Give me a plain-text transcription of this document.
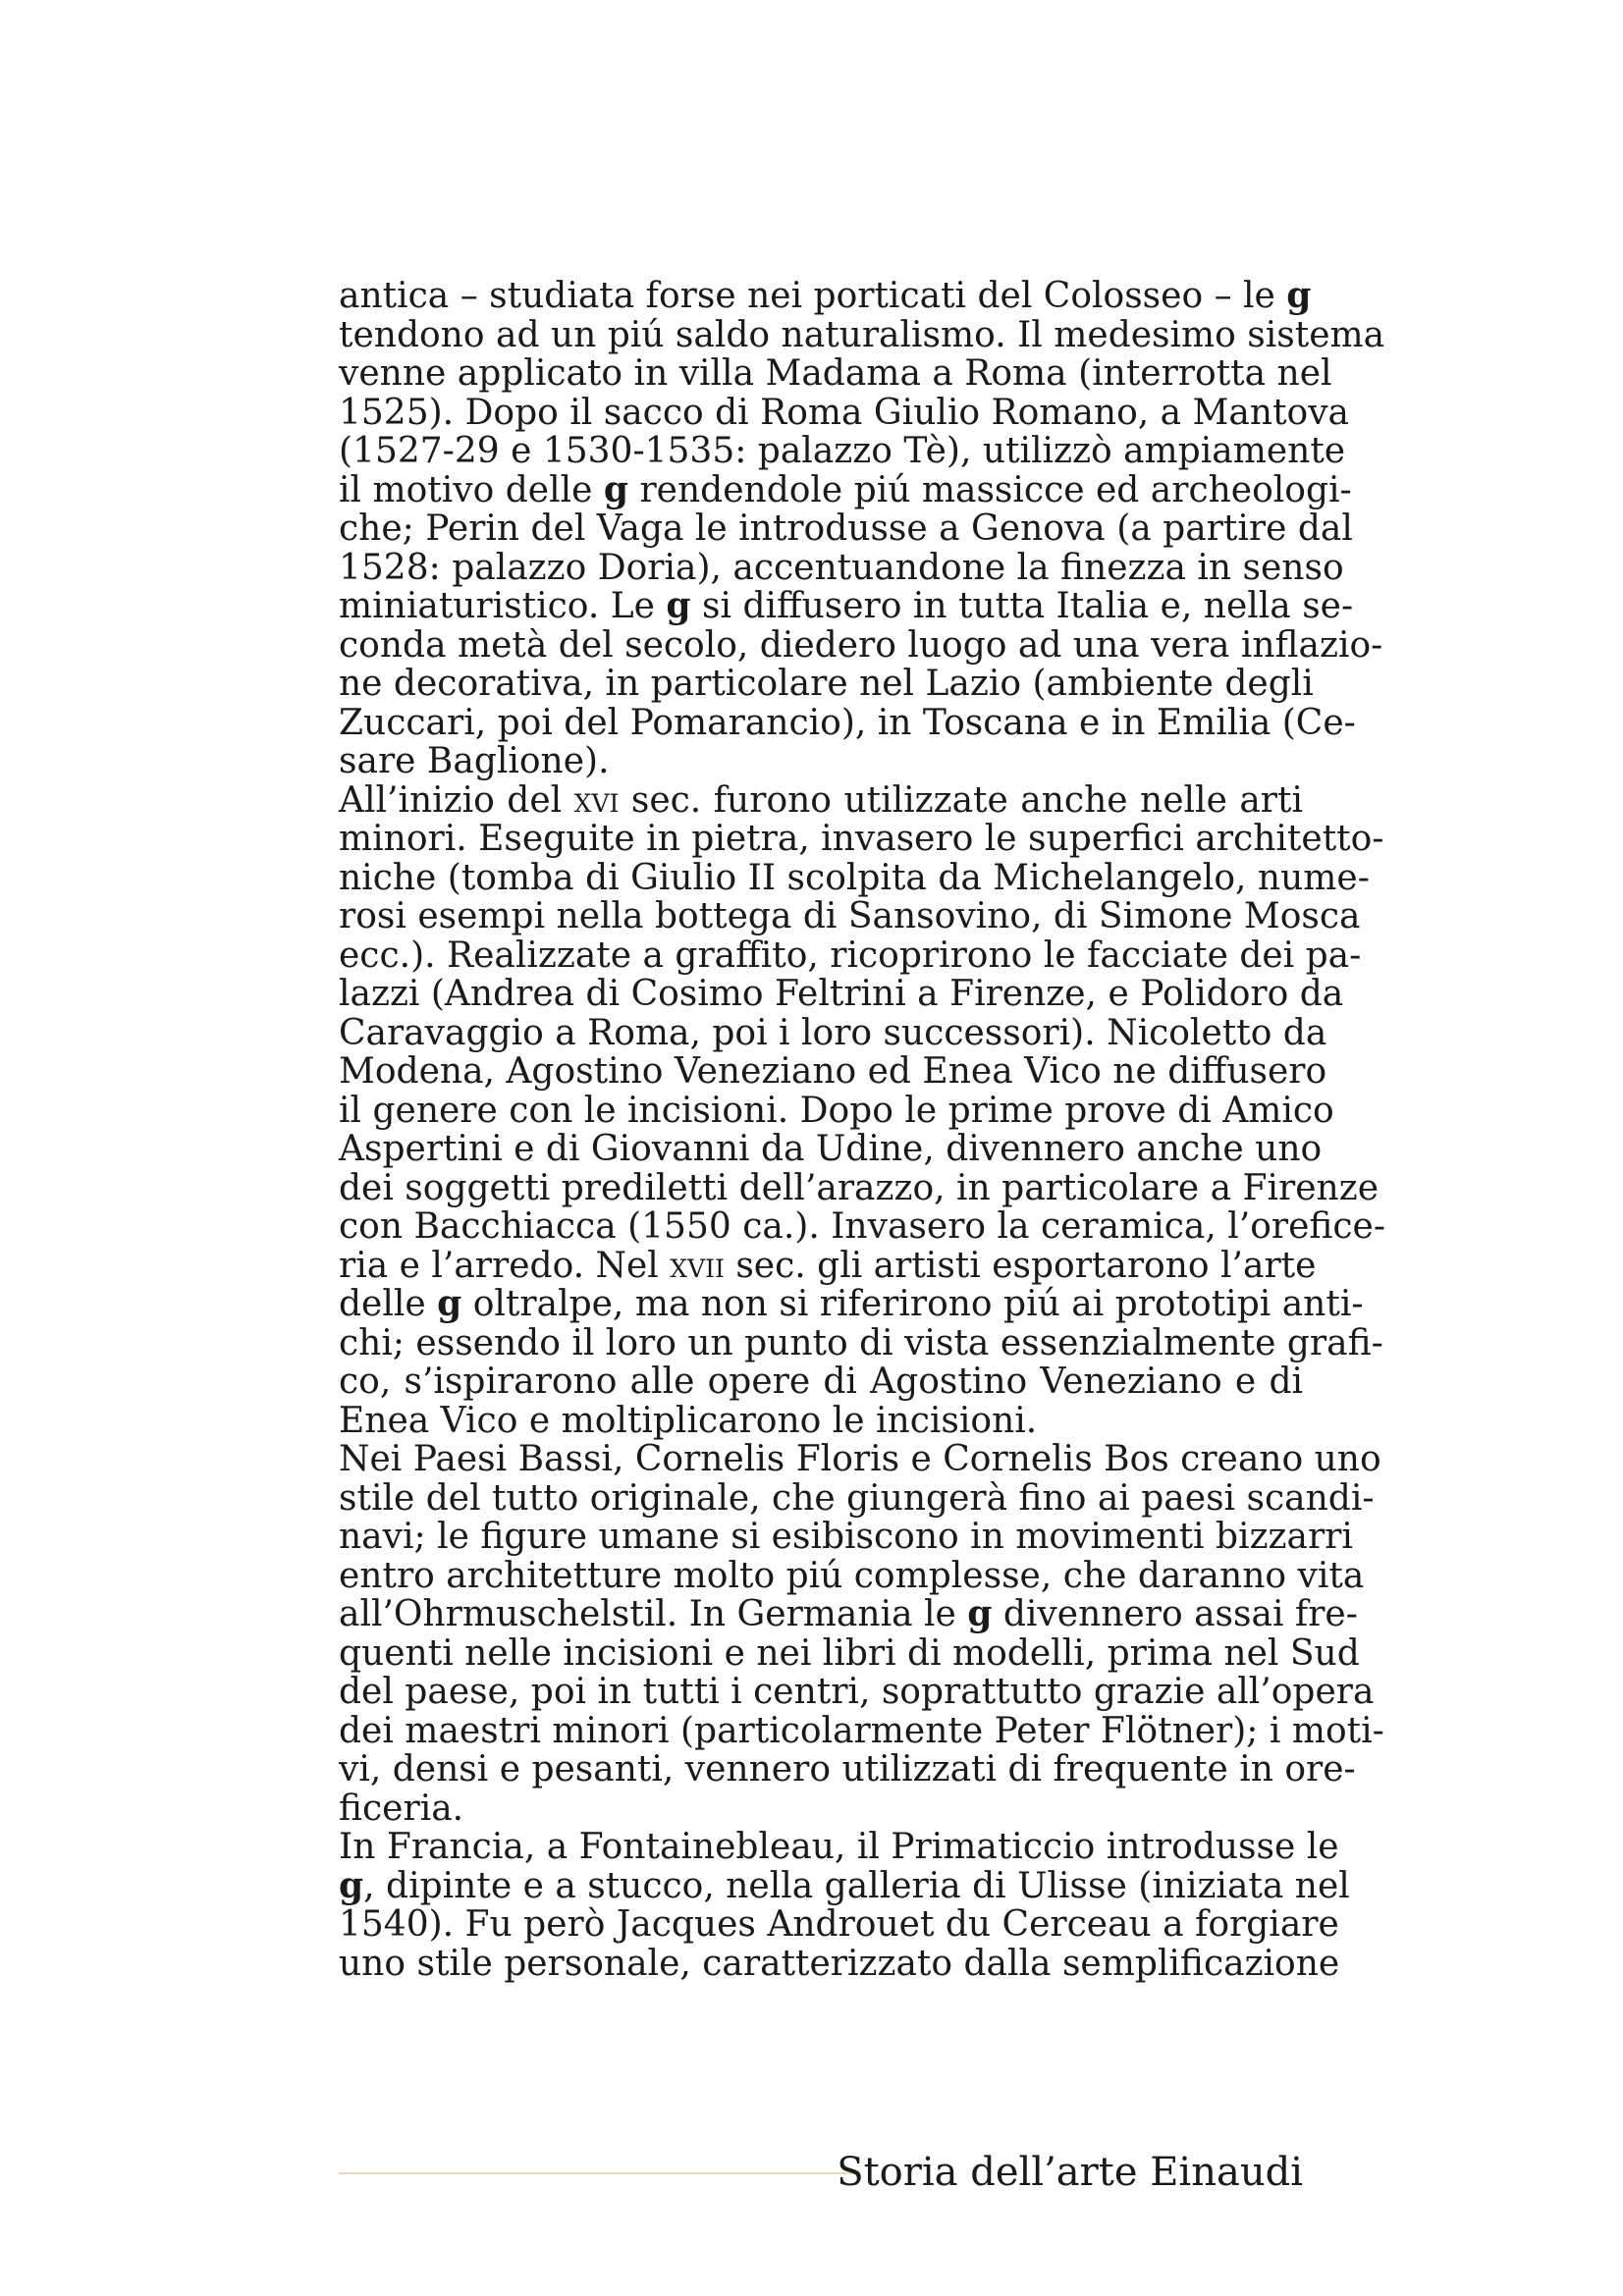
antica – studiata forse nei porticati del Colosseo – le g
tendono ad un piú saldo naturalismo. Il medesimo sistema
venne applicato in villa Madama a Roma (interrotta nel
1525). Dopo il sacco di Roma Giulio Romano, a Mantova
(1527-29 e 1530-1535: palazzo Tè), utilizzò ampiamente
il motivo delle g rendendole piú massicce ed archeologi-
che; Perin del Vaga le introdusse a Genova (a partire dal
1528: palazzo Doria), accentuandone la finezza in senso
miniaturistico. Le g si diffusero in tutta Italia e, nella se-
conda metà del secolo, diedero luogo ad una vera inflazio-
ne decorativa, in particolare nel Lazio (ambiente degli
Zuccari, poi del Pomarancio), in Toscana e in Emilia (Ce-
sare Baglione).
All’inizio del xvi sec. furono utilizzate anche nelle arti
minori. Eseguite in pietra, invasero le superfici architetto-
niche (tomba di Giulio II scolpita da Michelangelo, nume-
rosi esempi nella bottega di Sansovino, di Simone Mosca
ecc.). Realizzate a graffito, ricoprirono le facciate dei pa-
lazzi (Andrea di Cosimo Feltrini a Firenze, e Polidoro da
Caravaggio a Roma, poi i loro successori). Nicoletto da
Modena, Agostino Veneziano ed Enea Vico ne diffusero
il genere con le incisioni. Dopo le prime prove di Amico
Aspertini e di Giovanni da Udine, divennero anche uno
dei soggetti prediletti dell’arazzo, in particolare a Firenze
con Bacchiacca (1550 ca.). Invasero la ceramica, l’orefice-
ria e l’arredo. Nel xvii sec. gli artisti esportarono l’arte
delle g oltralpe, ma non si riferirono piú ai prototipi anti-
chi; essendo il loro un punto di vista essenzialmente grafi-
co, s’ispirarono alle opere di Agostino Veneziano e di
Enea Vico e moltiplicarono le incisioni.
Nei Paesi Bassi, Cornelis Floris e Cornelis Bos creano uno
stile del tutto originale, che giungerà fino ai paesi scandi-
navi; le figure umane si esibiscono in movimenti bizzarri
entro architetture molto piú complesse, che daranno vita
all’Ohrmuschelstil. In Germania le g divennero assai fre-
quenti nelle incisioni e nei libri di modelli, prima nel Sud
del paese, poi in tutti i centri, soprattutto grazie all’opera
dei maestri minori (particolarmente Peter Flötner); i moti-
vi, densi e pesanti, vennero utilizzati di frequente in ore-
ficeria.
In Francia, a Fontainebleau, il Primaticcio introdusse le
g, dipinte e a stucco, nella galleria di Ulisse (iniziata nel
1540). Fu però Jacques Androuet du Cerceau a forgiare
uno stile personale, caratterizzato dalla semplificazione
Storia dell’arte Einaudi
